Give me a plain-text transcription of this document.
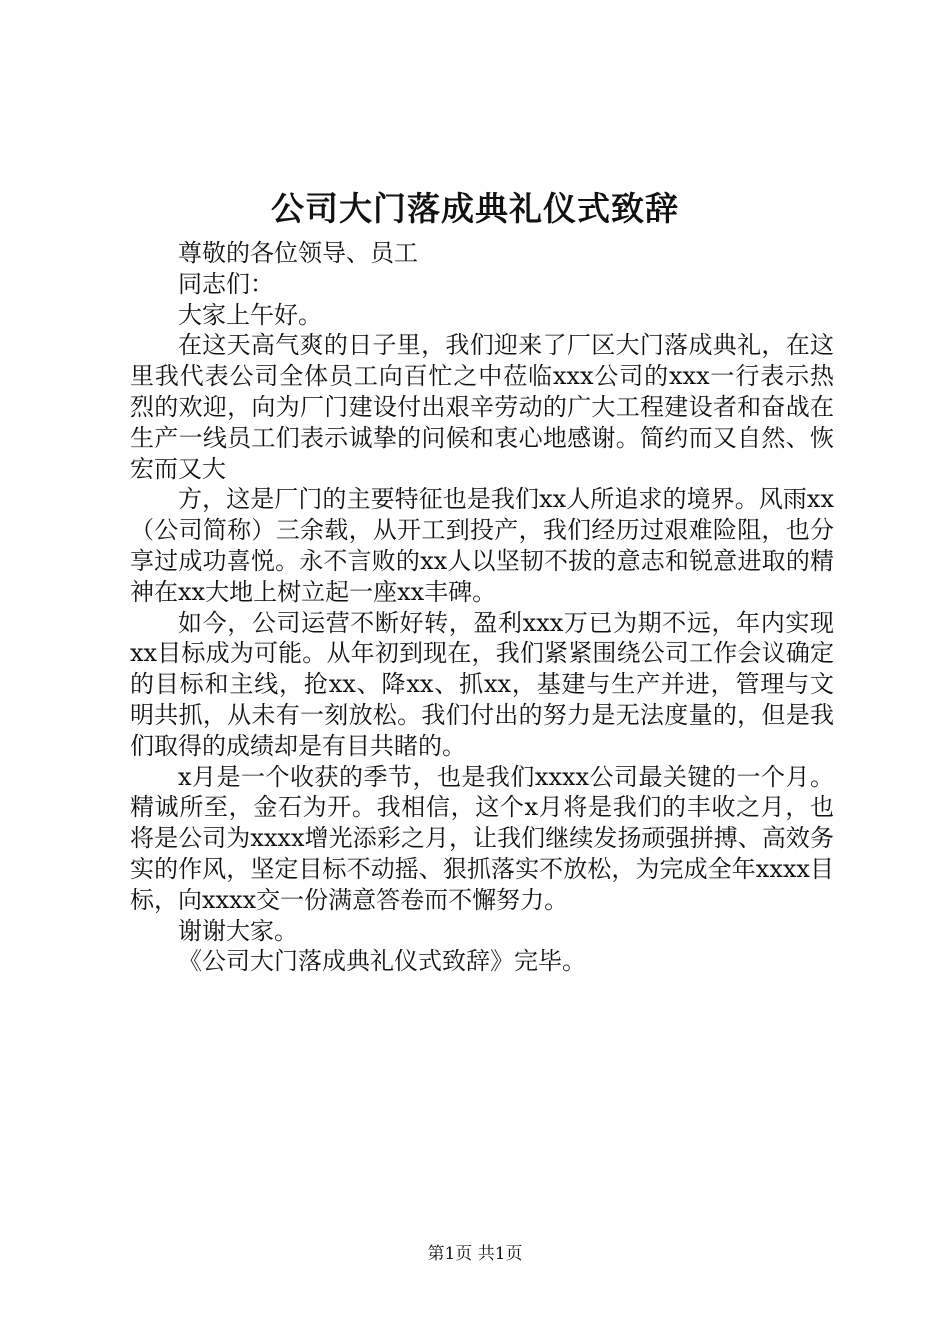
公司大门落成典礼仪式致辞

尊敬的各位领导、员工

同志们：

大家上午好。

在这天高气爽的日子里，我们迎来了厂区大门落成典礼，在这里我代表公司全体员工向百忙之中莅临xxx公司的xxx一行表示热烈的欢迎，向为厂门建设付出艰辛劳动的广大工程建设者和奋战在生产一线员工们表示诚挚的问候和衷心地感谢。简约而又自然、恢宏而又大

方，这是厂门的主要特征也是我们xx人所追求的境界。风雨xx（公司简称）三余载，从开工到投产，我们经历过艰难险阻，也分享过成功喜悦。永不言败的xx人以坚韧不拔的意志和锐意进取的精神在xx大地上树立起一座xx丰碑。

如今，公司运营不断好转，盈利xxx万已为期不远，年内实现xx目标成为可能。从年初到现在，我们紧紧围绕公司工作会议确定的目标和主线，抢xx、降xx、抓xx，基建与生产并进，管理与文明共抓，从未有一刻放松。我们付出的努力是无法度量的，但是我们取得的成绩却是有目共睹的。

x月是一个收获的季节，也是我们xxxx公司最关键的一个月。精诚所至，金石为开。我相信，这个x月将是我们的丰收之月，也将是公司为xxxx增光添彩之月，让我们继续发扬顽强拼搏、高效务实的作风，坚定目标不动摇、狠抓落实不放松，为完成全年xxxx目标，向xxxx交一份满意答卷而不懈努力。

谢谢大家。

《公司大门落成典礼仪式致辞》完毕。

第1页 共1页
